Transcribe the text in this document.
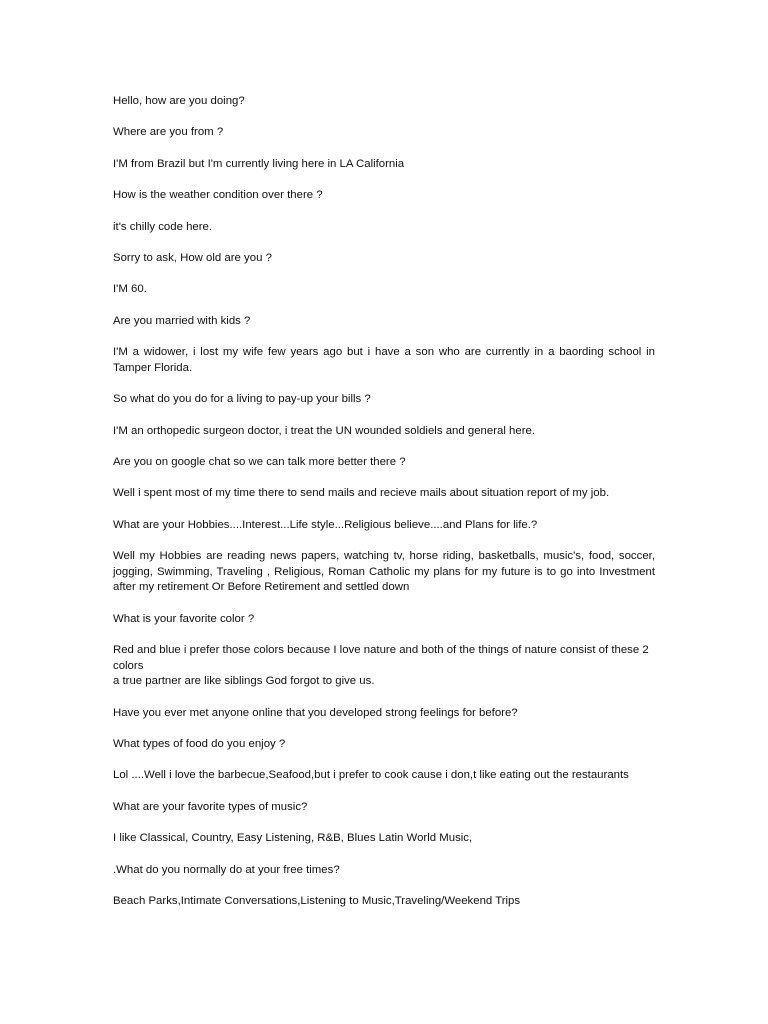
Hello, how are you doing?

Where are you from ?

I'M from Brazil but I'm currently living here in LA California

How is the weather condition over there ?

it's chilly code here.

Sorry to ask, How old are you ?

I'M 60.

Are you married with kids ?

I'M a widower, i lost my wife few years ago but i have a son who are currently in a baording school in Tamper Florida.

So what do you do for a living to pay-up your bills ?

I'M an orthopedic surgeon doctor, i treat the UN wounded soldiels and general here.

Are you on google chat so we can talk more better there ?

Well i spent most of my time there to send mails and recieve mails about situation report of my job.

What are your Hobbies....Interest...Life style...Religious believe....and Plans for life.?

Well my Hobbies are reading news papers, watching tv, horse riding, basketballs, music's, food, soccer, jogging, Swimming, Traveling , Religious, Roman Catholic my plans for my future is to go into Investment after my retirement Or Before Retirement and settled down

What is your favorite color ?

Red and blue i prefer those colors because I love nature and both of the things of nature consist of these 2 colors
a true partner are like siblings God forgot to give us.

Have you ever met anyone online that you developed strong feelings for before?

What types of food do you enjoy ?

Lol ....Well i love the barbecue,Seafood,but i prefer to cook cause i don,t like eating out the restaurants

What are your favorite types of music?

I like Classical, Country, Easy Listening, R&B, Blues Latin World Music,

.What do you normally do at your free times?

Beach Parks,Intimate Conversations,Listening to Music,Traveling/Weekend Trips
